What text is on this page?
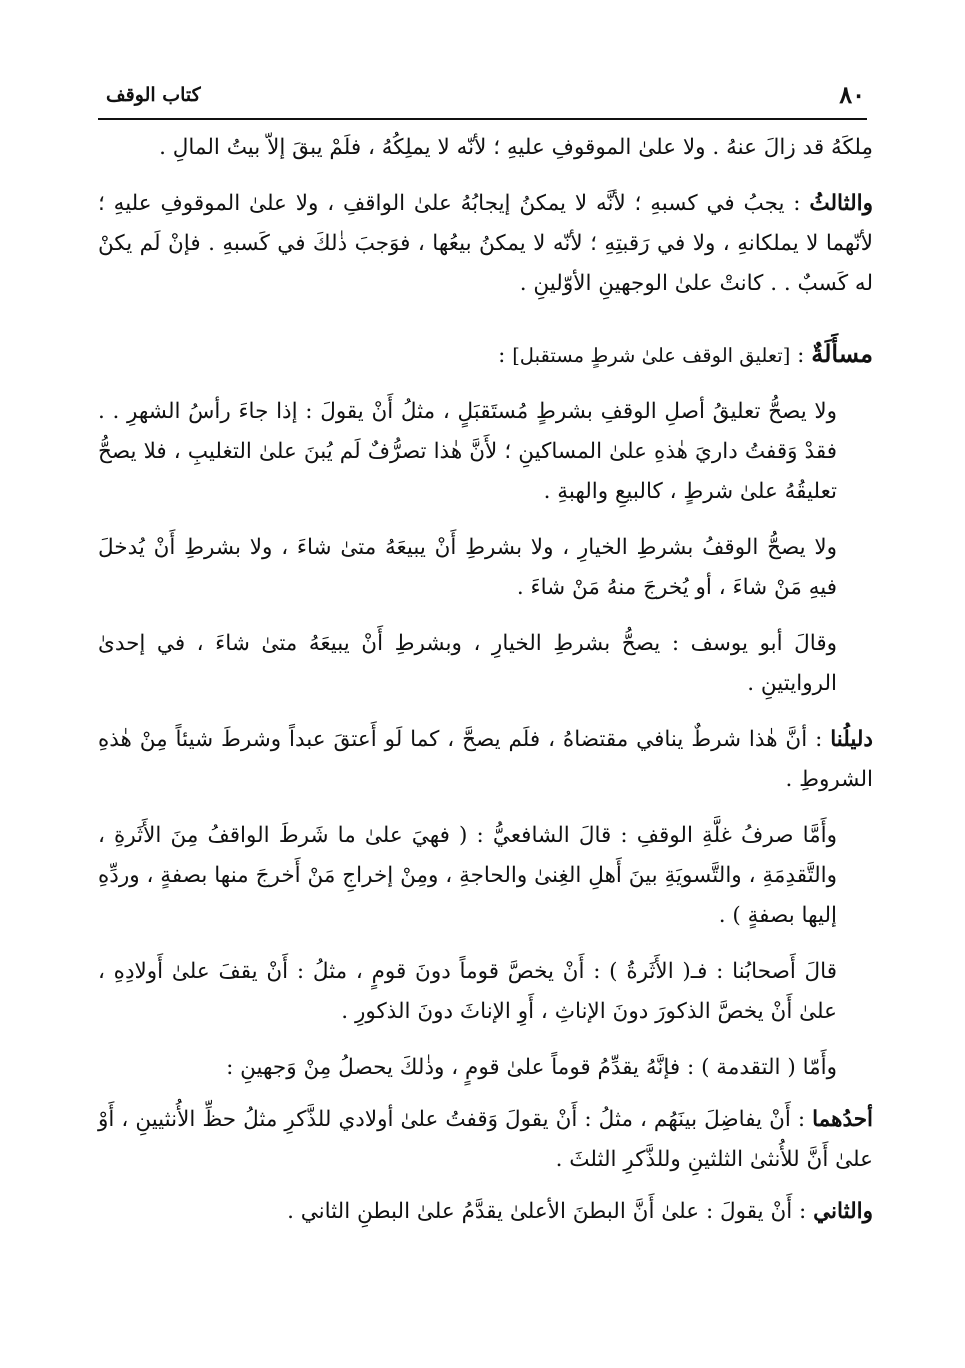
٨٠
كتاب الوقف

مِلكَهُ قد زالَ عنهُ . ولا علىٰ الموقوفِ عليهِ ؛ لأنّه لا يملِكُهُ ، فلَمْ يبقَ إلاّ بيتُ المالِ .

والثالثُ : يجبُ في كسبهِ ؛ لأنَّه لا يمكنُ إيجابُهُ علىٰ الواقفِ ، ولا علىٰ الموقوفِ عليهِ ؛ لأنّهما لا يملكانهِ ، ولا في رَقبتِهِ ؛ لأنّه لا يمكنُ بيعُها ، فوَجبَ ذٰلكَ في كَسبهِ . فإنْ لَم يكنْ له كَسبٌ . . كانتْ علىٰ الوجهينِ الأوّلينِ .

مسأَلَةٌ : [تعليق الوقف علىٰ شرطٍ مستقبل] :

ولا يصحُّ تعليقُ أصلِ الوقفِ بشرطٍ مُستَقبَلٍ ، مثلُ أَنْ يقولَ : إذا جاءَ رأسُ الشهرِ . . فقدْ وَقفتُ داريَ هٰذهِ علىٰ المساكينِ ؛ لأَنَّ هٰذا تصرُّفٌ لَم يُبنَ علىٰ التغليبِ ، فلا يصحُّ تعليقُهُ علىٰ شرطٍ ، كالبيعِ والهبةِ .

ولا يصحُّ الوقفُ بشرطِ الخيارِ ، ولا بشرطِ أَنْ يبيعَهُ متىٰ شاءَ ، ولا بشرطِ أَنْ يُدخلَ فيهِ مَنْ شاءَ ، أو يُخرجَ منهُ مَنْ شاءَ .

وقالَ أبو يوسف : يصحُّ بشرطِ الخيارِ ، وبشرطِ أَنْ يبيعَهُ متىٰ شاءَ ، في إحدىٰ الروايتينِ .

دليلُنا : أنَّ هٰذا شرطٌ ينافي مقتضاهُ ، فلَم يصحَّ ، كما لَو أَعتقَ عبداً وشرطَ شيئاً مِنْ هٰذهِ الشروطِ .

وأَمَّا صرفُ غلَّةِ الوقفِ : قالَ الشافعيُّ : ( فهيَ علىٰ ما شَرطَ الواقفُ مِنَ الأَثَرةِ ، والتَّقدِمَةِ ، والتَّسويَةِ بينَ أَهلِ الغِنىٰ والحاجةِ ، ومِنْ إخراجِ مَنْ أَخرجَ منها بصفةٍ ، وردِّهِ إليها بصفةٍ ) .

قالَ أَصحابُنا : فـ( الأَثَرةُ ) : أَنْ يخصَّ قوماً دونَ قومٍ ، مثلُ : أَنْ يقفَ علىٰ أَولادِهِ ، علىٰ أَنْ يخصَّ الذكورَ دونَ الإناثِ ، أَوِ الإناثَ دونَ الذكورِ .

وأَمّا ( التقدمة ) : فإنَّهُ يقدِّمُ قوماً علىٰ قومٍ ، وذٰلكَ يحصلُ مِنْ وَجهينِ :

أحدُهما : أَنْ يفاضِلَ بينَهُم ، مثلُ : أَنْ يقولَ وَقفتُ علىٰ أولادي للذَّكرِ مثلُ حظِّ الأُنثيينِ ، أَوْ علىٰ أَنَّ للأُنثىٰ الثلثينِ وللذَّكرِ الثلثَ .

والثاني : أَنْ يقولَ : علىٰ أَنَّ البطنَ الأعلىٰ يقدَّمُ علىٰ البطنِ الثاني .
